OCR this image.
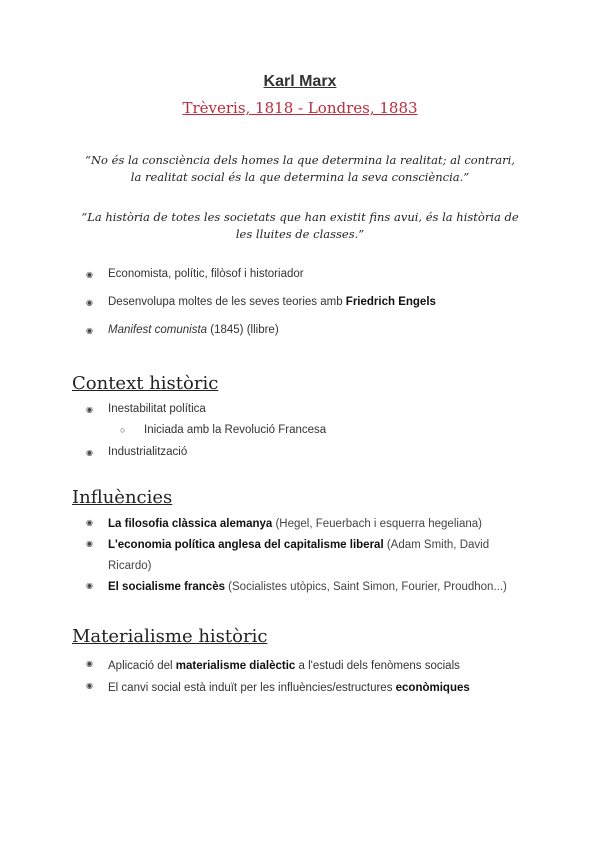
Karl Marx
Trèveris, 1818 - Londres, 1883
“No és la consciència dels homes la que determina la realitat; al contrari, la realitat social és la que determina la seva consciència.”
“La història de totes les societats que han existit fins avui, és la història de les lluites de classes.”
◉ Economista, polític, filòsof i historiador
◉ Desenvolupa moltes de les seves teories amb Friedrich Engels
◉ Manifest comunista (1845) (llibre)
Context històric
◉ Inestabilitat política
○ Iniciada amb la Revolució Francesa
◉ Industrialització
Influències
◉ La filosofia clàssica alemanya (Hegel, Feuerbach i esquerra hegeliana)
◉ L'economia política anglesa del capitalisme liberal (Adam Smith, David Ricardo)
◉ El socialisme francès (Socialistes utòpics, Saint Simon, Fourier, Proudhon...)
Materialisme històric
◉ Aplicació del materialisme dialèctic a l'estudi dels fenòmens socials
◉ El canvi social està induït per les influències/estructures econòmiques
